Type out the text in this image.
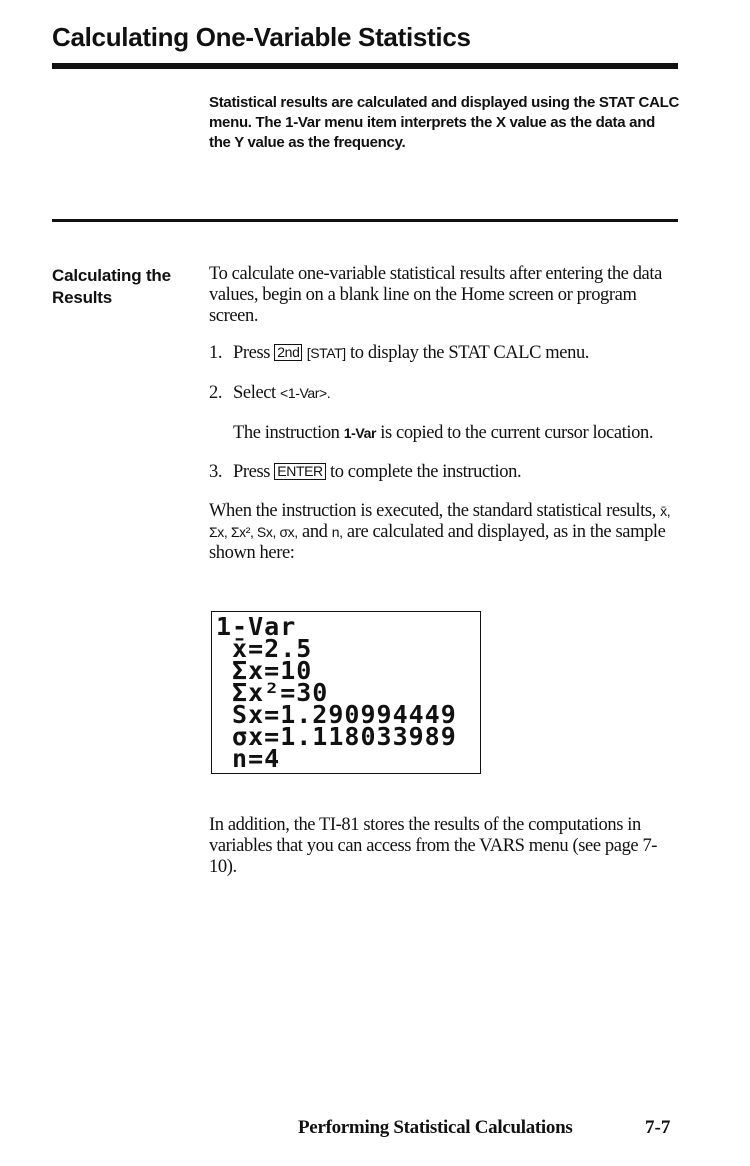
Calculating One-Variable Statistics
Statistical results are calculated and displayed using the STAT CALC menu. The 1-Var menu item interprets the X value as the data and the Y value as the frequency.
Calculating the
Results

To calculate one-variable statistical results after entering the data values, begin on a blank line on the Home screen or program screen.

1. Press 2nd [STAT] to display the STAT CALC menu.

2. Select <1-Var>.

The instruction 1-Var is copied to the current cursor location.

3. Press ENTER to complete the instruction.

When the instruction is executed, the standard statistical results, x̄, Σx, Σx², Sx, σx, and n, are calculated and displayed, as in the sample shown here:

1-Var
x̄=2.5
Σx=10
Σx²=30
Sx=1.290994449
σx=1.118033989
n=4
In addition, the TI-81 stores the results of the computations in variables that you can access from the VARS menu (see page 7-10).
Performing Statistical Calculations	7-7
